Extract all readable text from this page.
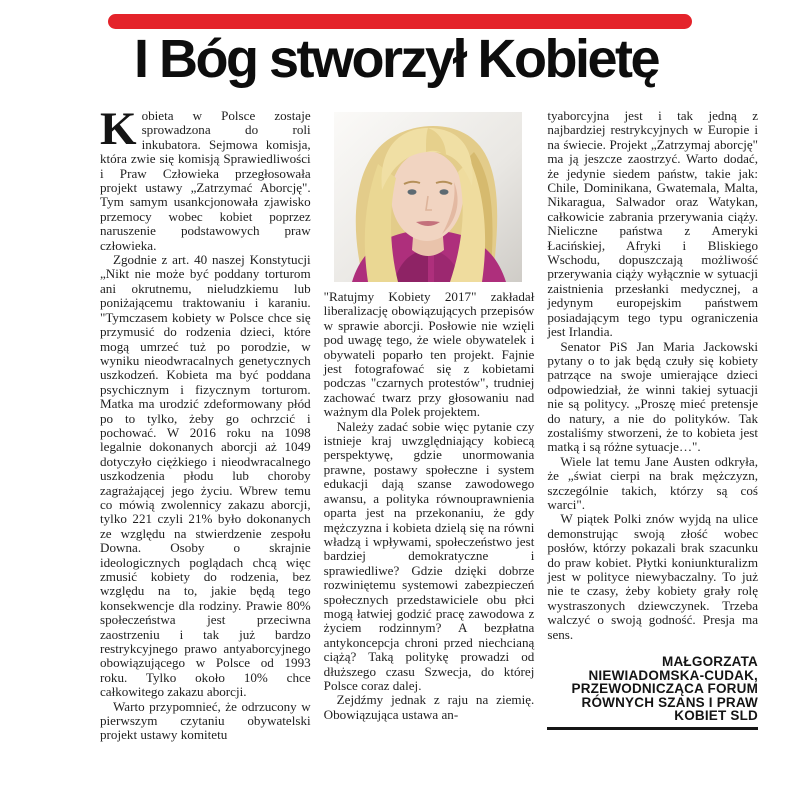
I Bóg stworzył Kobietę

Kobieta w Polsce zostaje sprowadzona do roli inkubatora. Sejmowa komisja, która zwie się komisją Sprawiedliwości i Praw Człowieka przegłosowała projekt ustawy „Zatrzymać Aborcję". Tym samym usankcjonowała zjawisko przemocy wobec kobiet poprzez naruszenie podstawowych praw człowieka.

Zgodnie z art. 40 naszej Konstytucji „Nikt nie może być poddany torturom ani okrutnemu, nieludzkiemu lub poniżającemu traktowaniu i karaniu. "Tymczasem kobiety w Polsce chce się przymusić do rodzenia dzieci, które mogą umrzeć tuż po porodzie, w wyniku nieodwracalnych genetycznych uszkodzeń. Kobieta ma być poddana psychicznym i fizycznym torturom. Matka ma urodzić zdeformowany płód po to tylko, żeby go ochrzcić i pochować. W 2016 roku na 1098 legalnie dokonanych aborcji aż 1049 dotyczyło ciężkiego i nieodwracalnego uszkodzenia płodu lub choroby zagrażającej jego życiu. Wbrew temu co mówią zwolennicy zakazu aborcji, tylko 221 czyli 21% było dokonanych ze względu na stwierdzenie zespołu Downa. Osoby o skrajnie ideologicznych poglądach chcą więc zmusić kobiety do rodzenia, bez względu na to, jakie będą tego konsekwencje dla rodziny. Prawie 80% społeczeństwa jest przeciwna zaostrzeniu i tak już bardzo restrykcyjnego prawo antyaborcyjnego obowiązującego w Polsce od 1993 roku. Tylko około 10% chce całkowitego zakazu aborcji.

Warto przypomnieć, że odrzucony w pierwszym czytaniu obywatelski projekt ustawy komitetu

"Ratujmy Kobiety 2017" zakładał liberalizację obowiązujących przepisów w sprawie aborcji. Posłowie nie wzięli pod uwagę tego, że wiele obywatelek i obywateli poparło ten projekt. Fajnie jest fotografować się z kobietami podczas "czarnych protestów", trudniej zachować twarz przy głosowaniu nad ważnym dla Polek projektem.

Należy zadać sobie więc pytanie czy istnieje kraj uwzględniający kobiecą perspektywę, gdzie unormowania prawne, postawy społeczne i system edukacji dają szanse zawodowego awansu, a polityka równouprawnienia oparta jest na przekonaniu, że gdy mężczyzna i kobieta dzielą się na równi władzą i wpływami, społeczeństwo jest bardziej demokratyczne i sprawiedliwe? Gdzie dzięki dobrze rozwiniętemu systemowi zabezpieczeń społecznych przedstawiciele obu płci mogą łatwiej godzić pracę zawodowa z życiem rodzinnym? A bezpłatna antykoncepcja chroni przed niechcianą ciążą? Taką politykę prowadzi od dłuższego czasu Szwecja, do której Polsce coraz dalej.

Zejdźmy jednak z raju na ziemię. Obowiązująca ustawa an-

tyaborcyjna jest i tak jedną z najbardziej restrykcyjnych w Europie i na świecie. Projekt „Zatrzymaj aborcję" ma ją jeszcze zaostrzyć. Warto dodać, że jedynie siedem państw, takie jak: Chile, Dominikana, Gwatemala, Malta, Nikaragua, Salwador oraz Watykan, całkowicie zabrania przerywania ciąży. Nieliczne państwa z Ameryki Łacińskiej, Afryki i Bliskiego Wschodu, dopuszczają możliwość przerywania ciąży wyłącznie w sytuacji zaistnienia przesłanki medycznej, a jedynym europejskim państwem posiadającym tego typu ograniczenia jest Irlandia.

Senator PiS Jan Maria Jackowski pytany o to jak będą czuły się kobiety patrzące na swoje umierające dzieci odpowiedział, że winni takiej sytuacji nie są politycy. „Proszę mieć pretensje do natury, a nie do polityków. Tak zostaliśmy stworzeni, że to kobieta jest matką i są różne sytuacje…".

Wiele lat temu Jane Austen odkryła, że „świat cierpi na brak mężczyzn, szczególnie takich, którzy są coś warci".

W piątek Polki znów wyjdą na ulice demonstrując swoją złość wobec posłów, którzy pokazali brak szacunku do praw kobiet. Płytki koniunkturalizm jest w polityce niewybaczalny. To już nie te czasy, żeby kobiety grały rolę wystraszonych dziewczynek. Trzeba walczyć o swoją godność. Presja ma sens.

MAŁGORZATA NIEWIADOMSKA-CUDAK, PRZEWODNICZĄCA FORUM RÓWNYCH SZANS I PRAW KOBIET SLD
